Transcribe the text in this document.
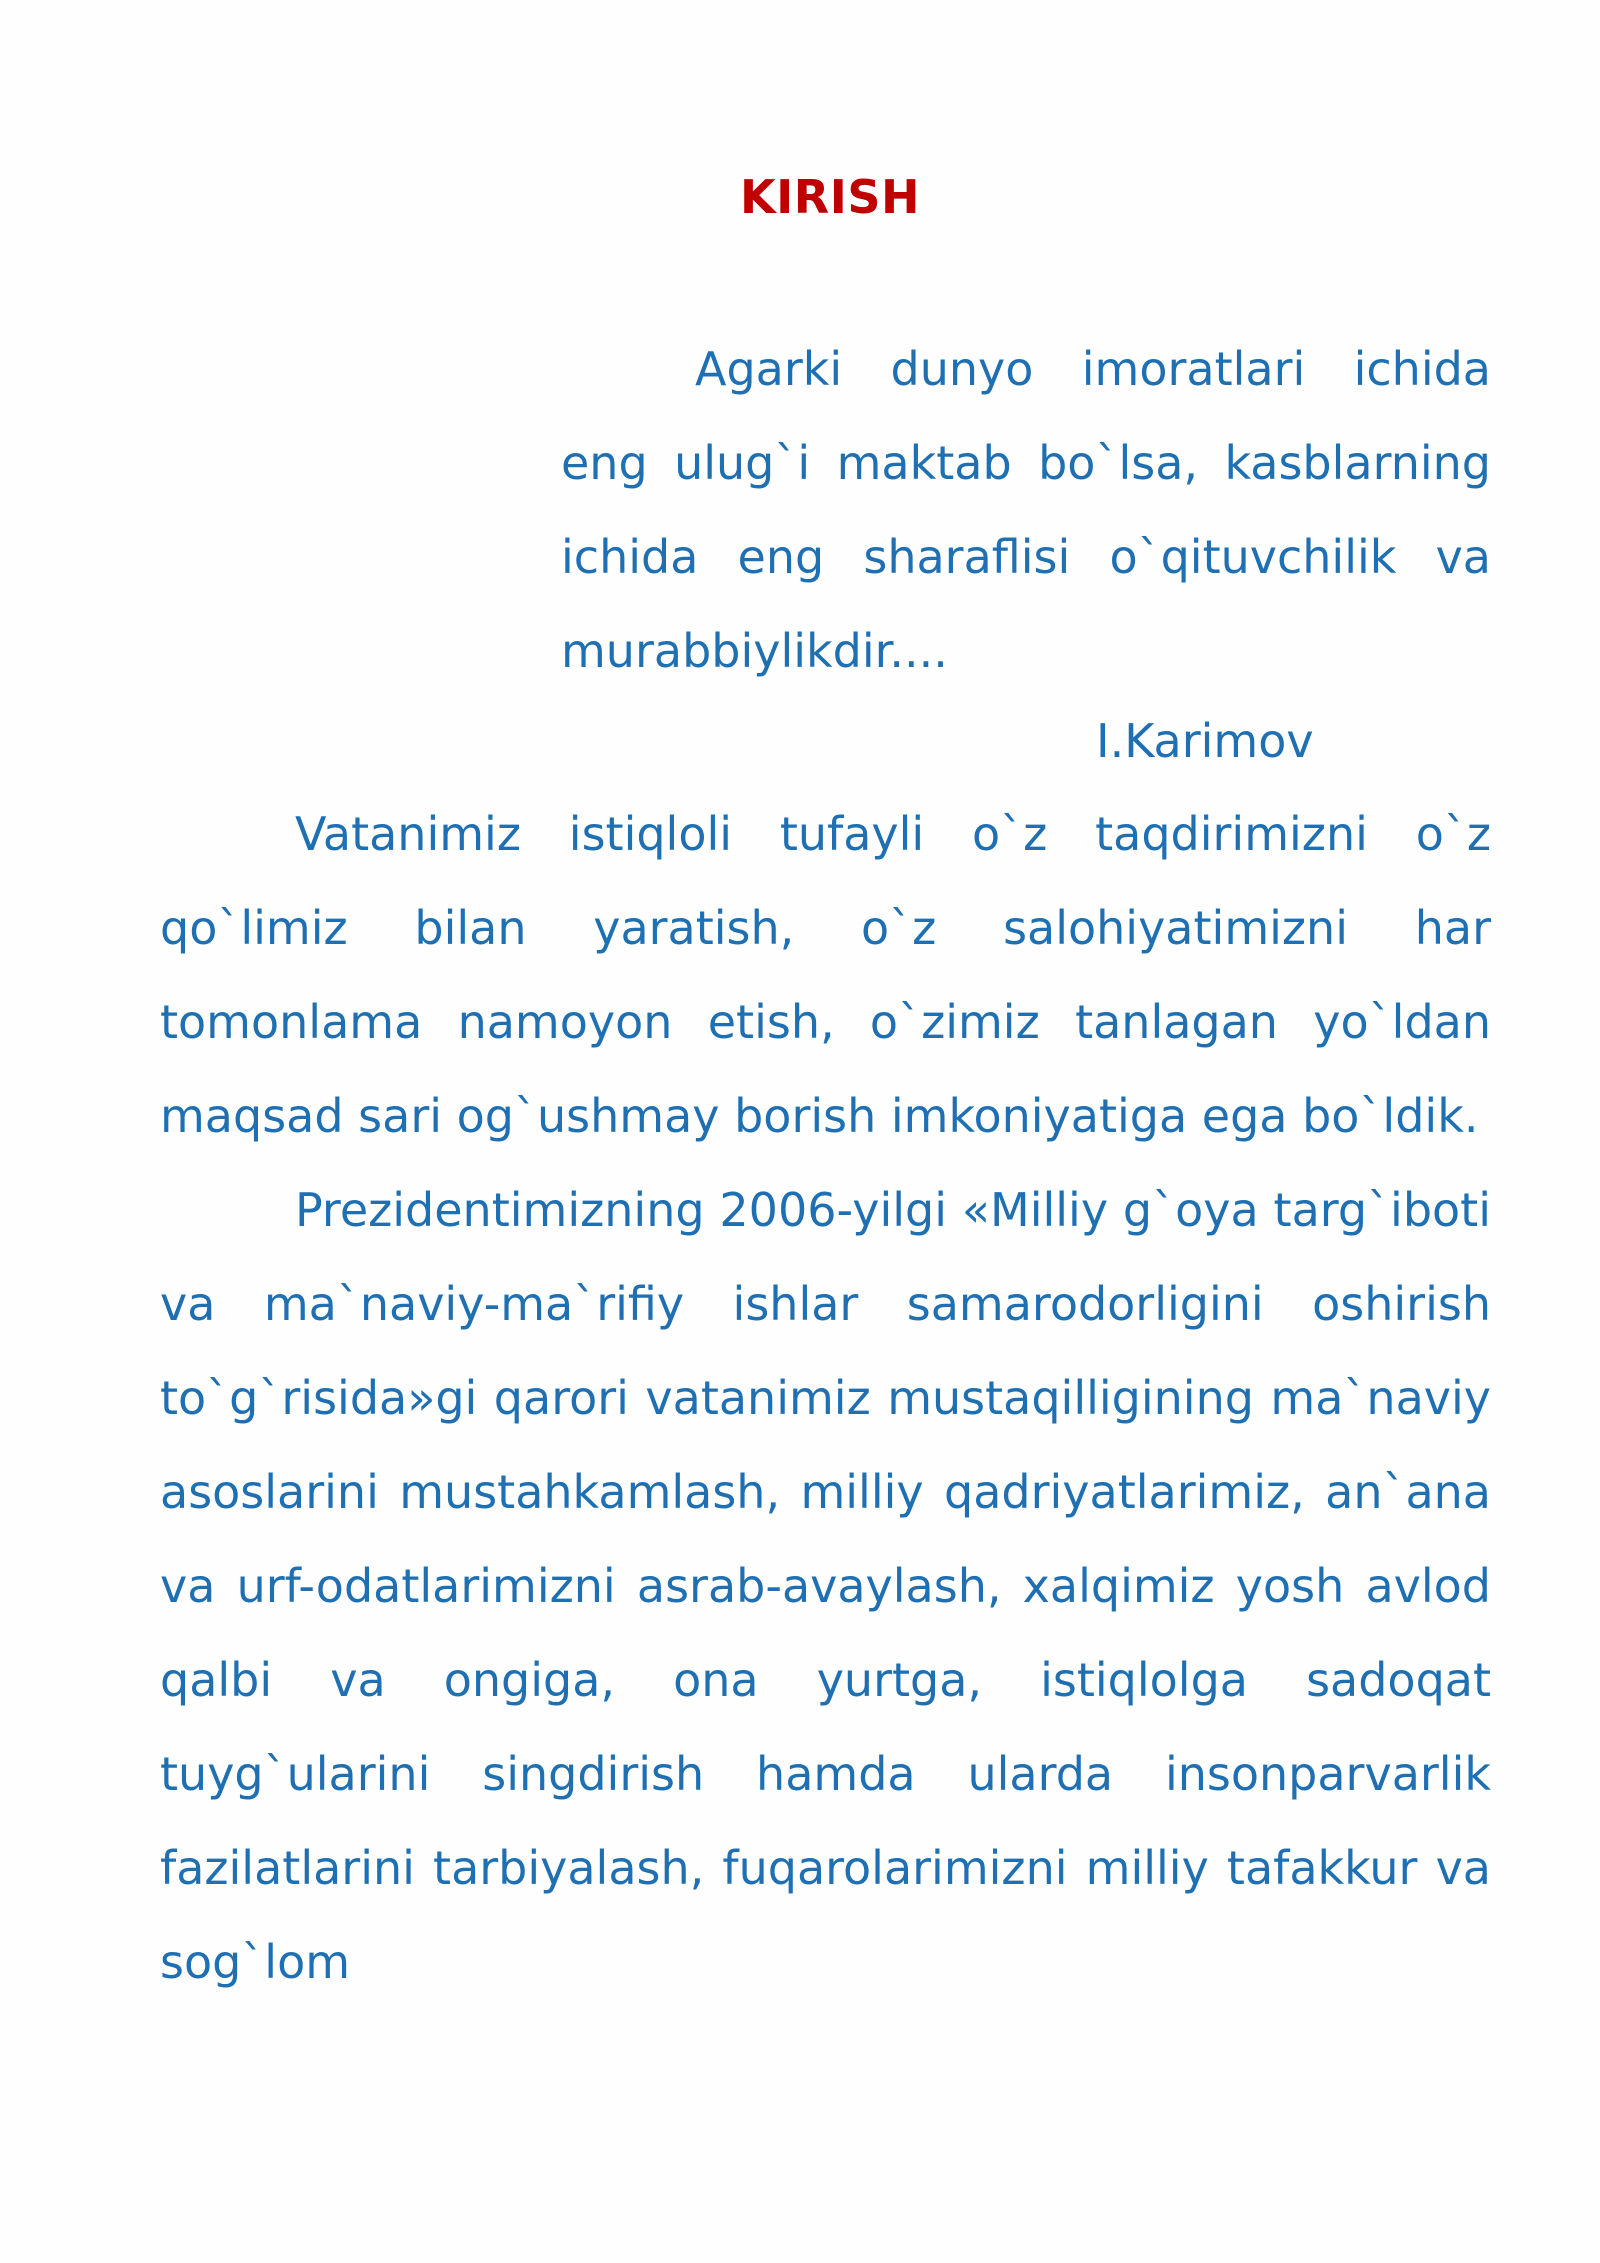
KIRISH

Agarki dunyo imoratlari ichida eng ulug`i maktab bo`lsa, kasblarning ichida eng sharaflisi o`qituvchilik va murabbiylikdir....

I.Karimov

Vatanimiz istiqloli tufayli o`z taqdirimizni o`z qo`limiz bilan yaratish, o`z salohiyatimizni har tomonlama namoyon etish, o`zimiz tanlagan yo`ldan maqsad sari og`ushmay borish imkoniyatiga ega bo`ldik.

Prezidentimizning 2006-yilgi «Milliy g`oya targ`iboti va ma`naviy-ma`rifiy ishlar samarodorligini oshirish to`g`risida»gi qarori vatanimiz mustaqilligining ma`naviy asoslarini mustahkamlash, milliy qadriyatlarimiz, an`ana va urf-odatlarimizni asrab-avaylash, xalqimiz yosh avlod qalbi va ongiga, ona yurtga, istiqlolga sadoqat tuyg`ularini singdirish hamda ularda insonparvarlik fazilatlarini tarbiyalash, fuqarolarimizni milliy tafakkur va sog`lom
